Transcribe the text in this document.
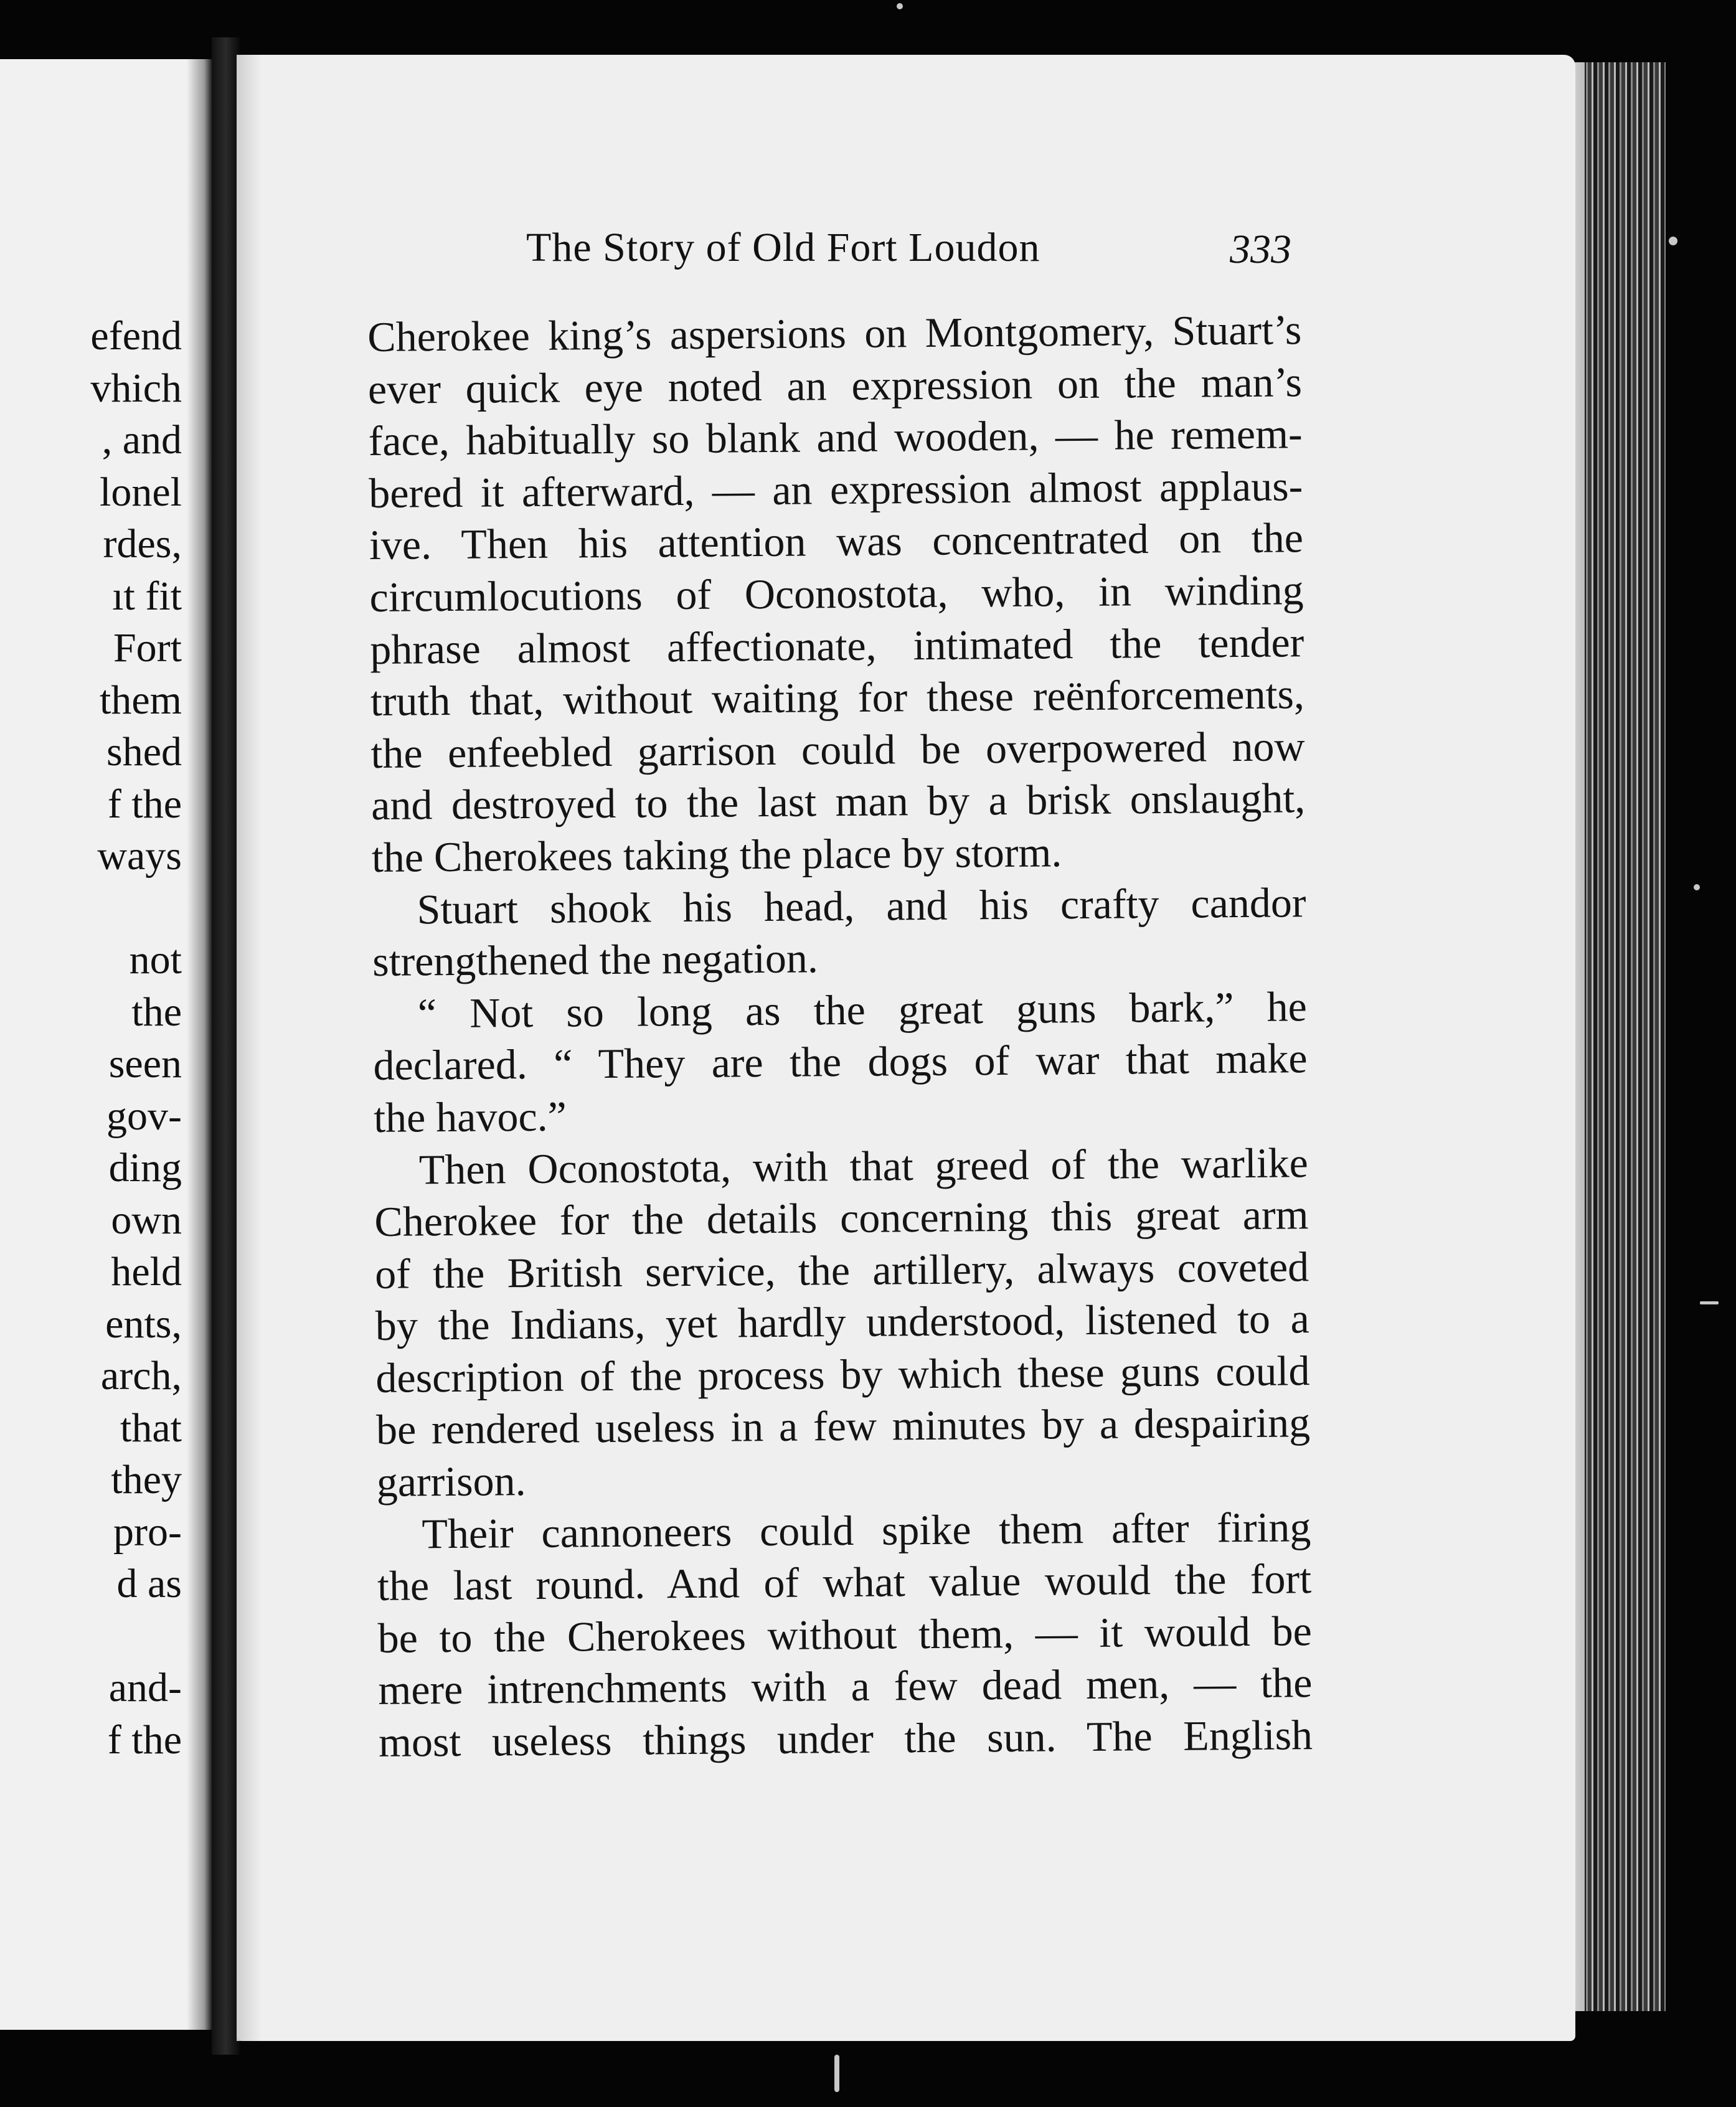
efend
vhich
, and
lonel
rdes,
ıt fit
Fort
them
shed
f the
ways
not
the
seen
gov-
ding
own
held
ents,
arch,
that
they
pro-
d as
and-
f the
The Story of Old Fort Loudon	333
Cherokee king’s aspersions on Montgomery, Stuart’s
ever quick eye noted an expression on the man’s
face, habitually so blank and wooden, — he remem-
bered it afterward, — an expression almost applaus-
ive. Then his attention was concentrated on the
circumlocutions of Oconostota, who, in winding
phrase almost affectionate, intimated the tender
truth that, without waiting for these reënforcements,
the enfeebled garrison could be overpowered now
and destroyed to the last man by a brisk onslaught,
the Cherokees taking the place by storm.
Stuart shook his head, and his crafty candor
strengthened the negation.
“ Not so long as the great guns bark,” he
declared. “ They are the dogs of war that make
the havoc.”
Then Oconostota, with that greed of the warlike
Cherokee for the details concerning this great arm
of the British service, the artillery, always coveted
by the Indians, yet hardly understood, listened to a
description of the process by which these guns could
be rendered useless in a few minutes by a despairing
garrison.
Their cannoneers could spike them after firing
the last round. And of what value would the fort
be to the Cherokees without them, — it would be
mere intrenchments with a few dead men, — the
most useless things under the sun. The English
